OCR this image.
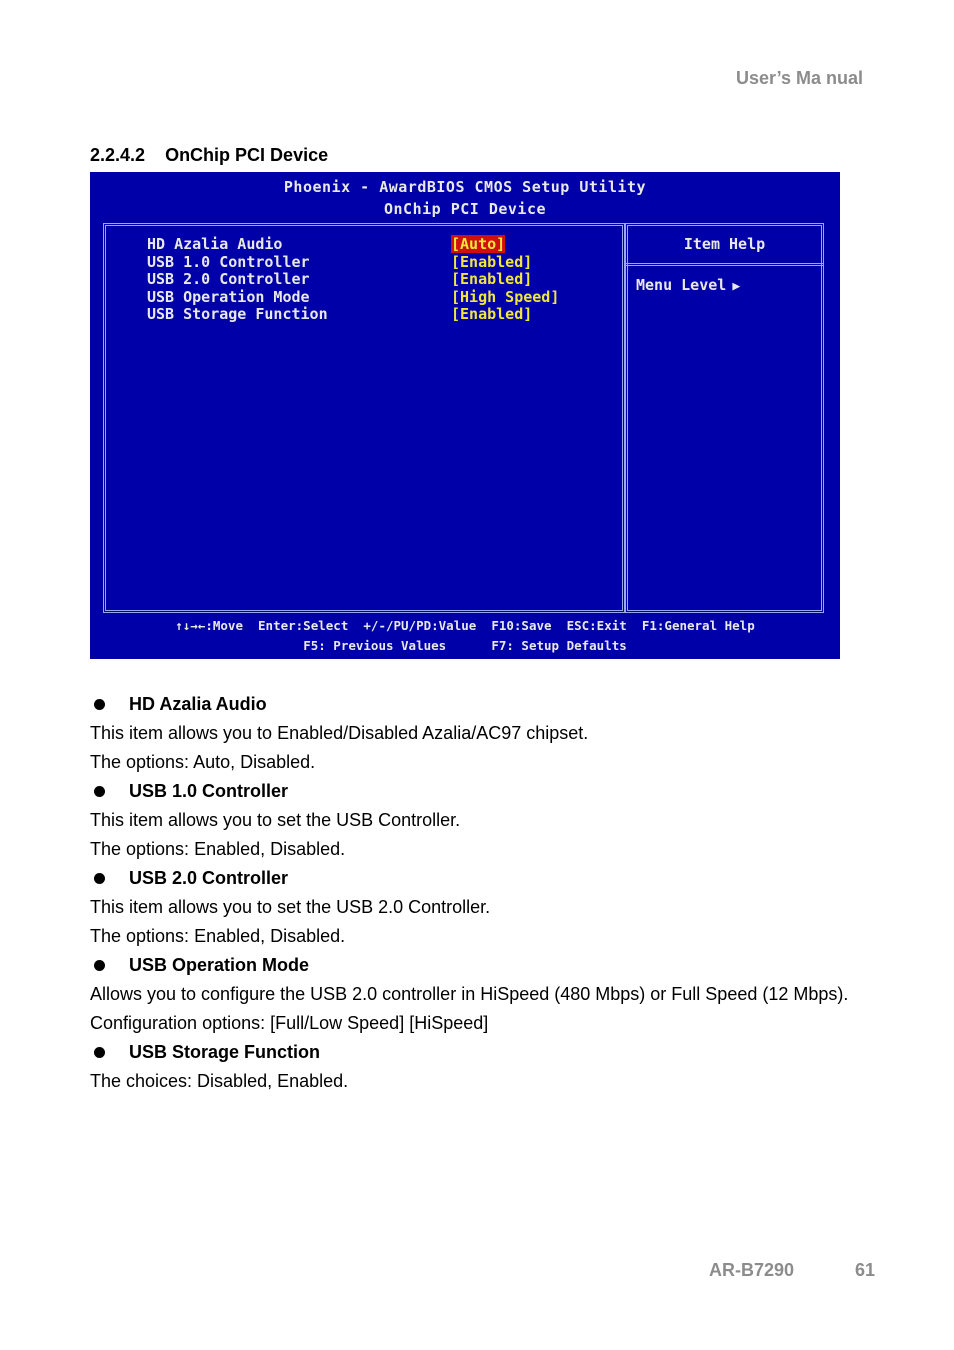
User’s Ma nual
2.2.4.2 OnChip PCI Device
Phoenix - AwardBIOS CMOS Setup Utility
OnChip PCI Device
Item Help
Menu Level ▶
HD Azalia Audio	[Auto]
USB 1.0 Controller	[Enabled]
USB 2.0 Controller	[Enabled]
USB Operation Mode	[High Speed]
USB Storage Function	[Enabled]
↑↓→←:Move  Enter:Select  +/-/PU/PD:Value  F10:Save  ESC:Exit  F1:General Help
F5: Previous Values      F7: Setup Defaults
HD Azalia Audio
This item allows you to Enabled/Disabled Azalia/AC97 chipset.
The options: Auto, Disabled.
USB 1.0 Controller
This item allows you to set the USB Controller.
The options: Enabled, Disabled.
USB 2.0 Controller
This item allows you to set the USB 2.0 Controller.
The options: Enabled, Disabled.
USB Operation Mode
Allows you to configure the USB 2.0 controller in HiSpeed (480 Mbps) or Full Speed (12 Mbps). Configuration options: [Full/Low Speed] [HiSpeed]
USB Storage Function
The choices: Disabled, Enabled.
AR-B7290	61
